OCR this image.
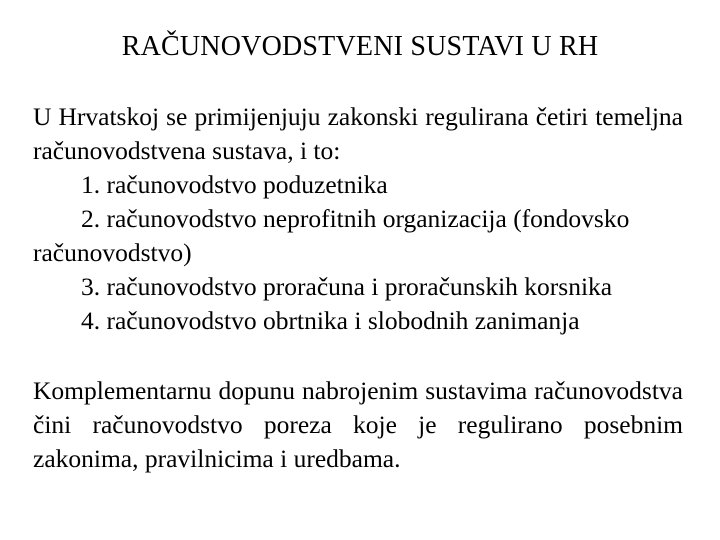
RAČUNOVODSTVENI SUSTAVI U RH

U Hrvatskoj se primijenjuju zakonski regulirana četiri temeljna računovodstvena sustava, i to:

1. računovodstvo poduzetnika
2. računovodstvo neprofitnih organizacija (fondovsko računovodstvo)
3. računovodstvo proračuna i proračunskih korsnika
4. računovodstvo obrtnika i slobodnih zanimanja

Komplementarnu dopunu nabrojenim sustavima računovodstva čini računovodstvo poreza koje je regulirano posebnim zakonima, pravilnicima i uredbama.
